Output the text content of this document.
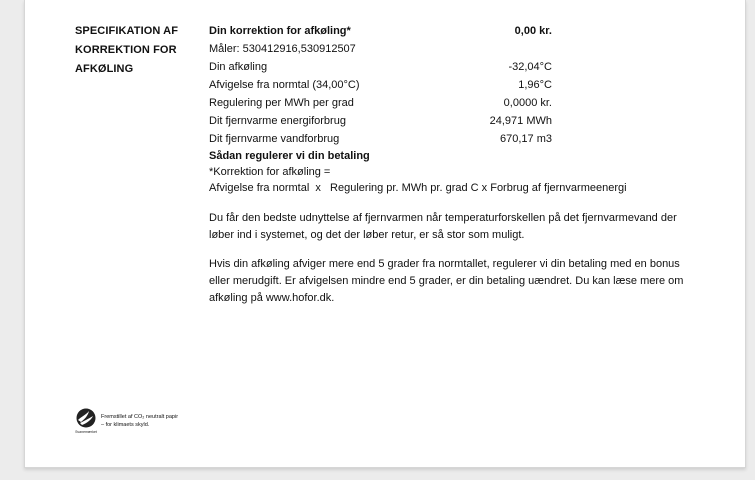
SPECIFIKATION AF
KORREKTION FOR
AFKØLING
Din korrektion for afkøling*	0,00 kr.
Måler: 530412916,530912507
Din afkøling	-32,04°C
Afvigelse fra normtal (34,00°C)	1,96°C
Regulering per MWh per grad	0,0000 kr.
Dit fjernvarme energiforbrug	24,971 MWh
Dit fjernvarme vandforbrug	670,17 m3
Sådan regulerer vi din betaling
*Korrektion for afkøling =
Afvigelse fra normtal  x   Regulering pr. MWh pr. grad C x Forbrug af fjernvarmeenergi
Du får den bedste udnyttelse af fjernvarmen når temperaturforskellen på det fjernvarmevand der løber ind i systemet, og det der løber retur, er så stor som muligt.
Hvis din afkøling afviger mere end 5 grader fra normtallet, regulerer vi din betaling med en bonus eller merudgift. Er afvigelsen mindre end 5 grader, er din betaling uændret. Du kan læse mere om afkøling på www.hofor.dk.
Svanemærket
Fremstillet af CO₂ neutralt papir
– for klimaets skyld.
